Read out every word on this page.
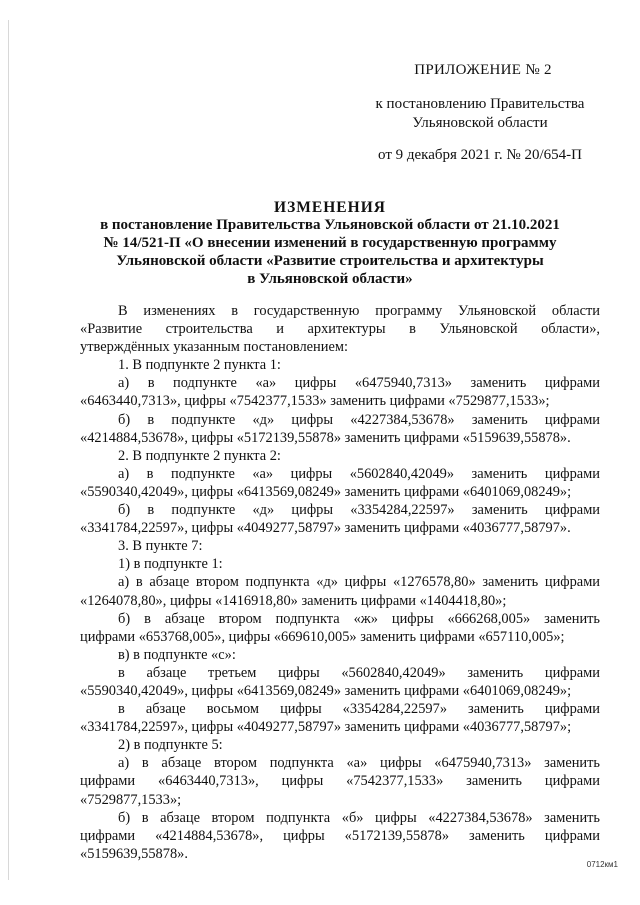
ПРИЛОЖЕНИЕ № 2
к постановлению Правительства
Ульяновской области
от 9 декабря 2021 г. № 20/654-П
ИЗМЕНЕНИЯ
в постановление Правительства Ульяновской области от 21.10.2021
№ 14/521-П «О внесении изменений в государственную программу
Ульяновской области «Развитие строительства и архитектуры
в Ульяновской области»
В изменениях в государственную программу Ульяновской области
«Развитие строительства и архитектуры в Ульяновской области»,
утверждённых указанным постановлением:
1. В подпункте 2 пункта 1:
а) в подпункте «а» цифры «6475940,7313» заменить цифрами
«6463440,7313», цифры «7542377,1533» заменить цифрами «7529877,1533»;
б) в подпункте «д» цифры «4227384,53678» заменить цифрами
«4214884,53678», цифры «5172139,55878» заменить цифрами «5159639,55878».
2. В подпункте 2 пункта 2:
а) в подпункте «а» цифры «5602840,42049» заменить цифрами
«5590340,42049», цифры «6413569,08249» заменить цифрами «6401069,08249»;
б) в подпункте «д» цифры «3354284,22597» заменить цифрами
«3341784,22597», цифры «4049277,58797» заменить цифрами «4036777,58797».
3. В пункте 7:
1) в подпункте 1:
а) в абзаце втором подпункта «д» цифры «1276578,80» заменить цифрами
«1264078,80», цифры «1416918,80» заменить цифрами «1404418,80»;
б) в абзаце втором подпункта «ж» цифры «666268,005» заменить
цифрами «653768,005», цифры «669610,005» заменить цифрами «657110,005»;
в) в подпункте «с»:
в абзаце третьем цифры «5602840,42049» заменить цифрами
«5590340,42049», цифры «6413569,08249» заменить цифрами «6401069,08249»;
в абзаце восьмом цифры «3354284,22597» заменить цифрами
«3341784,22597», цифры «4049277,58797» заменить цифрами «4036777,58797»;
2) в подпункте 5:
а) в абзаце втором подпункта «а» цифры «6475940,7313» заменить
цифрами «6463440,7313», цифры «7542377,1533» заменить цифрами
«7529877,1533»;
б) в абзаце втором подпункта «б» цифры «4227384,53678» заменить
цифрами «4214884,53678», цифры «5172139,55878» заменить цифрами
«5159639,55878».
0712км1
